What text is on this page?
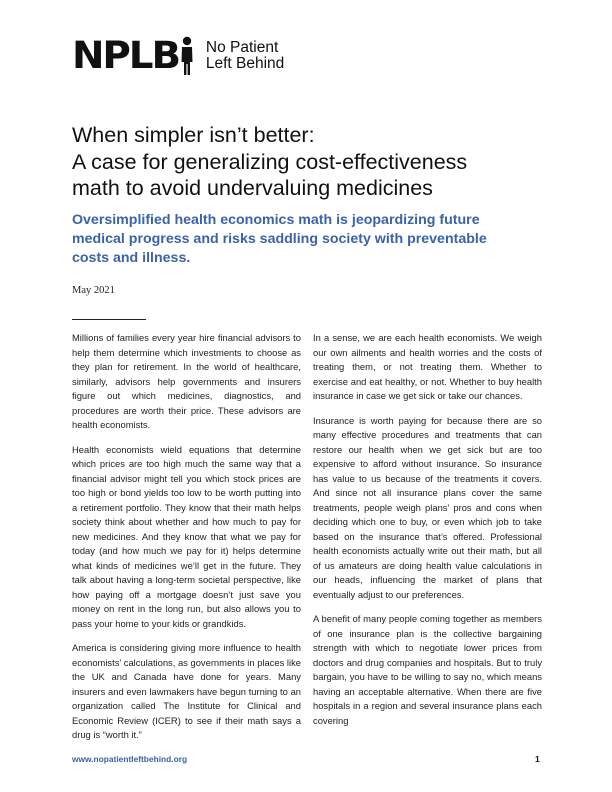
NPLB No Patient
Left Behind
When simpler isn’t better:
A case for generalizing cost-effectiveness
math to avoid undervaluing medicines
Oversimplified health economics math is jeopardizing future medical progress and risks saddling society with preventable costs and illness.
May 2021

Millions of families every year hire financial advisors to help them determine which investments to choose as they plan for retirement. In the world of healthcare, similarly, advisors help governments and insurers figure out which medicines, diagnostics, and procedures are worth their price. These advisors are health economists.

Health economists wield equations that determine which prices are too high much the same way that a financial advisor might tell you which stock prices are too high or bond yields too low to be worth putting into a retirement portfolio. They know that their math helps society think about whether and how much to pay for new medicines. And they know that what we pay for today (and how much we pay for it) helps determine what kinds of medicines we’ll get in the future. They talk about having a long-term societal perspective, like how paying off a mortgage doesn’t just save you money on rent in the long run, but also allows you to pass your home to your kids or grandkids.

America is considering giving more influence to health economists’ calculations, as governments in places like the UK and Canada have done for years. Many insurers and even lawmakers have begun turning to an organization called The Institute for Clinical and Economic Review (ICER) to see if their math says a drug is “worth it.”

In a sense, we are each health economists. We weigh our own ailments and health worries and the costs of treating them, or not treating them. Whether to exercise and eat healthy, or not. Whether to buy health insurance in case we get sick or take our chances.

Insurance is worth paying for because there are so many effective procedures and treatments that can restore our health when we get sick but are too expensive to afford without insurance. So insurance has value to us because of the treatments it covers. And since not all insurance plans cover the same treatments, people weigh plans’ pros and cons when deciding which one to buy, or even which job to take based on the insurance that’s offered. Professional health economists actually write out their math, but all of us amateurs are doing health value calculations in our heads, influencing the market of plans that eventually adjust to our preferences.

A benefit of many people coming together as members of one insurance plan is the collective bargaining strength with which to negotiate lower prices from doctors and drug companies and hospitals. But to truly bargain, you have to be willing to say no, which means having an acceptable alternative. When there are five hospitals in a region and several insurance plans each covering

www.nopatientleftbehind.org	1
